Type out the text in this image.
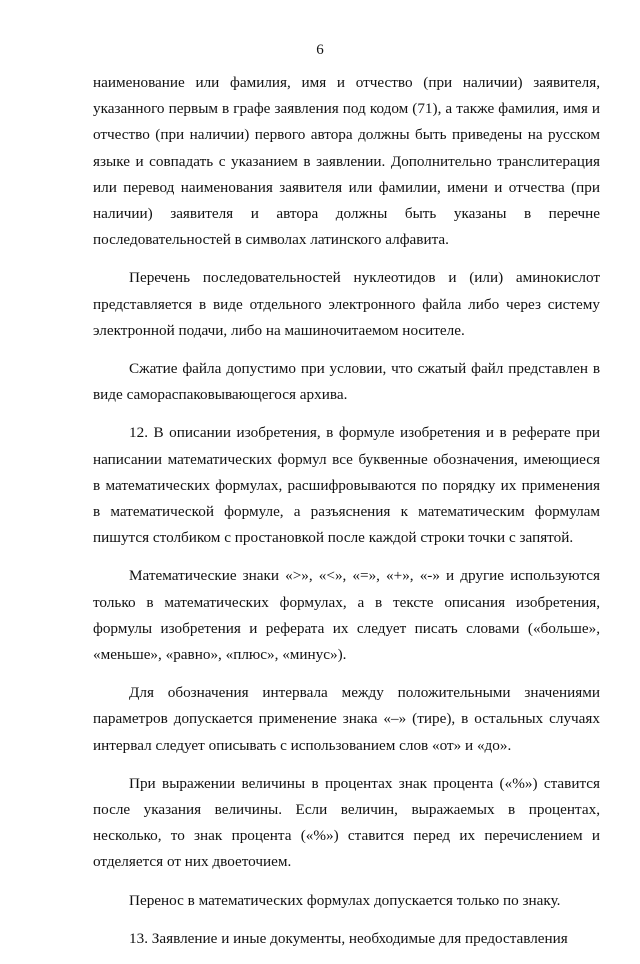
6

наименование или фамилия, имя и отчество (при наличии) заявителя, указанного первым в графе заявления под кодом (71), а также фамилия, имя и отчество (при наличии) первого автора должны быть приведены на русском языке и совпадать с указанием в заявлении. Дополнительно транслитерация или перевод наименования заявителя или фамилии, имени и отчества (при наличии) заявителя и автора должны быть указаны в перечне последовательностей в символах латинского алфавита.

Перечень последовательностей нуклеотидов и (или) аминокислот представляется в виде отдельного электронного файла либо через систему электронной подачи, либо на машиночитаемом носителе.

Сжатие файла допустимо при условии, что сжатый файл представлен в виде самораспаковывающегося архива.

12. В описании изобретения, в формуле изобретения и в реферате при написании математических формул все буквенные обозначения, имеющиеся в математических формулах, расшифровываются по порядку их применения в математической формуле, а разъяснения к математическим формулам пишутся столбиком с простановкой после каждой строки точки с запятой.

Математические знаки «>», «<», «=», «+», «-» и другие используются только в математических формулах, а в тексте описания изобретения, формулы изобретения и реферата их следует писать словами («больше», «меньше», «равно», «плюс», «минус»).

Для обозначения интервала между положительными значениями параметров допускается применение знака «–» (тире), в остальных случаях интервал следует описывать с использованием слов «от» и «до».

При выражении величины в процентах знак процента («%») ставится после указания величины. Если величин, выражаемых в процентах, несколько, то знак процента («%») ставится перед их перечислением и отделяется от них двоеточием.

Перенос в математических формулах допускается только по знаку.

13. Заявление и иные документы, необходимые для предоставления
